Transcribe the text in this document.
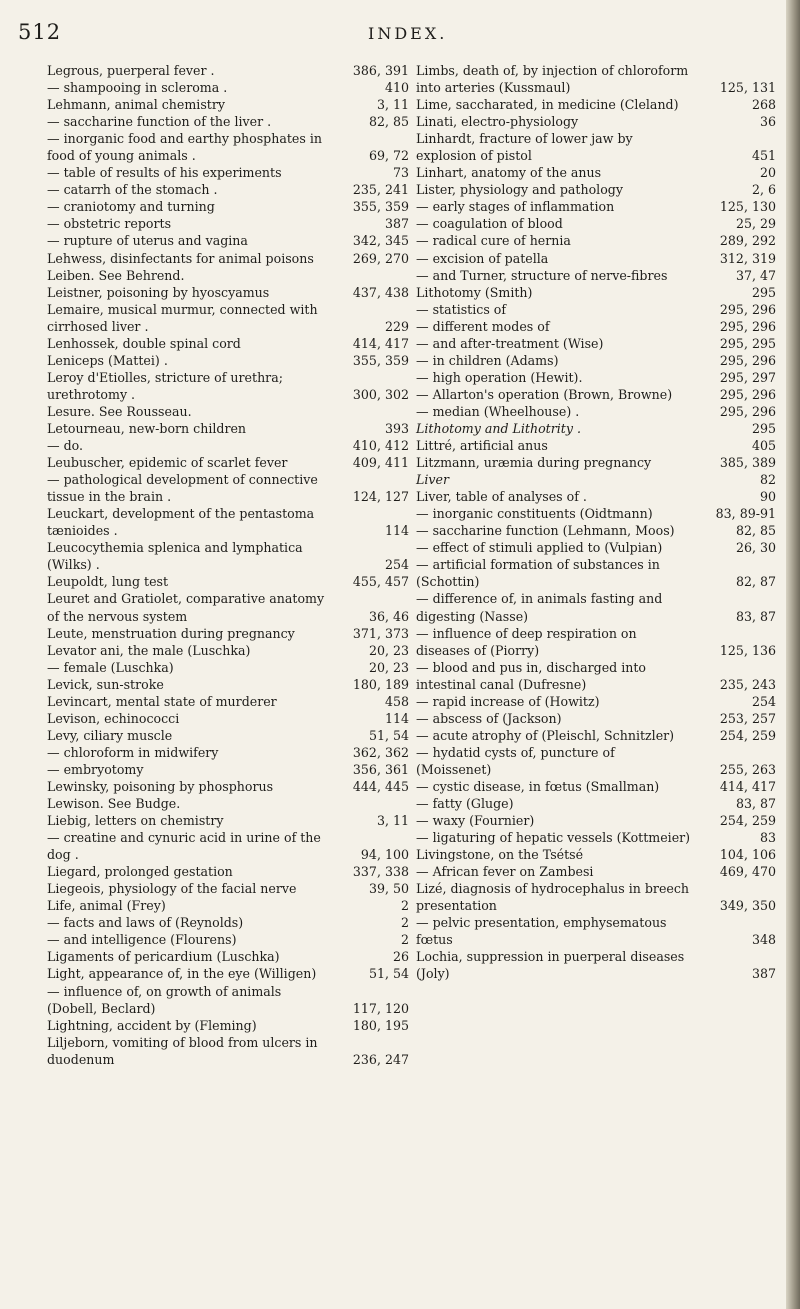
512	INDEX.
Legrous, puerperal fever .	386, 391
— shampooing in scleroma .	410
Lehmann, animal chemistry	3, 11
— saccharine function of the liver .	82, 85
— inorganic food and earthy phosphates in food of young animals .	69, 72
— table of results of his experiments	73
— catarrh of the stomach .	235, 241
— craniotomy and turning	355, 359
— obstetric reports	387
— rupture of uterus and vagina	342, 345
Lehwess, disinfectants for animal poisons	269, 270
Leiben. See Behrend.
Leistner, poisoning by hyoscyamus	437, 438
Lemaire, musical murmur, connected with cirrhosed liver .	229
Lenhossek, double spinal cord	414, 417
Leniceps (Mattei) .	355, 359
Leroy d'Etiolles, stricture of urethra; urethrotomy .	300, 302
Lesure. See Rousseau.
Letourneau, new-born children	393
— do.	410, 412
Leubuscher, epidemic of scarlet fever	409, 411
— pathological development of connective tissue in the brain .	124, 127
Leuckart, development of the pentastoma tænioides .	114
Leucocythemia splenica and lymphatica (Wilks) .	254
Leupoldt, lung test	455, 457
Leuret and Gratiolet, comparative anatomy of the nervous system	36, 46
Leute, menstruation during pregnancy	371, 373
Levator ani, the male (Luschka)	20, 23
— female (Luschka)	20, 23
Levick, sun-stroke	180, 189
Levincart, mental state of murderer	458
Levison, echinococci	114
Levy, ciliary muscle	51, 54
— chloroform in midwifery	362, 362
— embryotomy	356, 361
Lewinsky, poisoning by phosphorus	444, 445
Lewison. See Budge.
Liebig, letters on chemistry	3, 11
— creatine and cynuric acid in urine of the dog .	94, 100
Liegard, prolonged gestation	337, 338
Liegeois, physiology of the facial nerve	39, 50
Life, animal (Frey)	2
— facts and laws of (Reynolds)	2
— and intelligence (Flourens)	2
Ligaments of pericardium (Luschka)	26
Light, appearance of, in the eye (Willigen)	51, 54
— influence of, on growth of animals (Dobell, Beclard)	117, 120
Lightning, accident by (Fleming)	180, 195
Liljeborn, vomiting of blood from ulcers in duodenum	236, 247
Limbs, death of, by injection of chloroform into arteries (Kussmaul)	125, 131
Lime, saccharated, in medicine (Cleland)	268
Linati, electro-physiology	36
Linhardt, fracture of lower jaw by explosion of pistol	451
Linhart, anatomy of the anus	20
Lister, physiology and pathology	2, 6
— early stages of inflammation	125, 130
— coagulation of blood	25, 29
— radical cure of hernia	289, 292
— excision of patella	312, 319
— and Turner, structure of nerve-fibres	37, 47
Lithotomy (Smith)	295
— statistics of	295, 296
— different modes of	295, 296
— and after-treatment (Wise)	295, 295
— in children (Adams)	295, 296
— high operation (Hewit).	295, 297
— Allarton's operation (Brown, Browne)	295, 296
— median (Wheelhouse) .	295, 296
Lithotomy and Lithotrity .	295
Littré, artificial anus	405
Litzmann, uræmia during pregnancy	385, 389
Liver	82
Liver, table of analyses of .	90
— inorganic constituents (Oidtmann)	83, 89-91
— saccharine function (Lehmann, Moos)	82, 85
— effect of stimuli applied to (Vulpian)	26, 30
— artificial formation of substances in (Schottin)	82, 87
— difference of, in animals fasting and digesting (Nasse)	83, 87
— influence of deep respiration on diseases of (Piorry)	125, 136
— blood and pus in, discharged into intestinal canal (Dufresne)	235, 243
— rapid increase of (Howitz)	254
— abscess of (Jackson)	253, 257
— acute atrophy of (Pleischl, Schnitzler)	254, 259
— hydatid cysts of, puncture of (Moissenet)	255, 263
— cystic disease, in fœtus (Smallman)	414, 417
— fatty (Gluge)	83, 87
— waxy (Fournier)	254, 259
— ligaturing of hepatic vessels (Kottmeier)	83
Livingstone, on the Tsétsé	104, 106
— African fever on Zambesi	469, 470
Lizé, diagnosis of hydrocephalus in breech presentation	349, 350
— pelvic presentation, emphysematous fœtus	348
Lochia, suppression in puerperal diseases (Joly)	387
